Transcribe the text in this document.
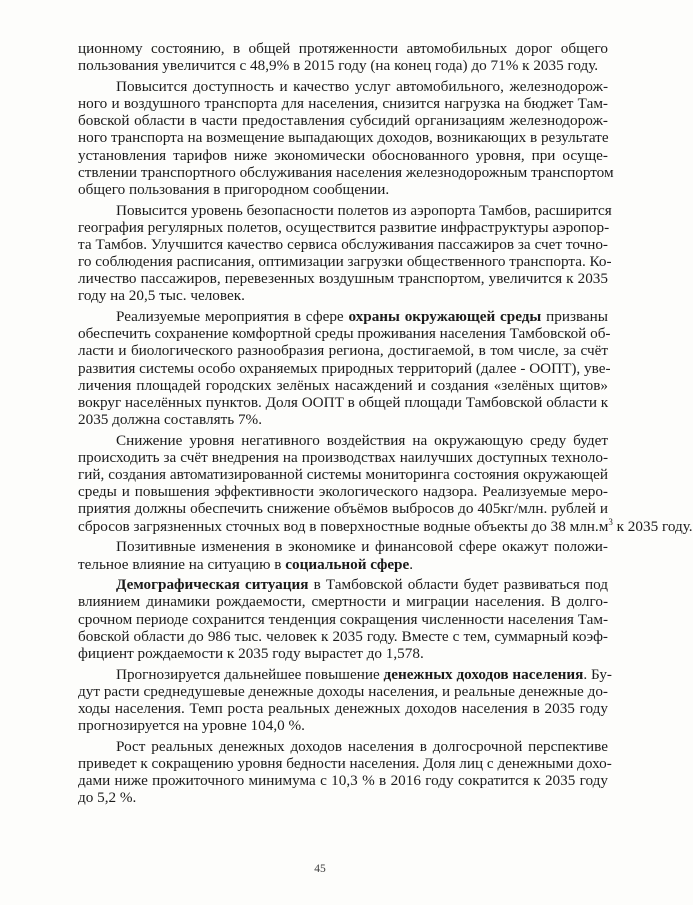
ционному состоянию, в общей протяженности автомобильных дорог общего
пользования увеличится с 48,9% в 2015 году (на конец года) до 71% к 2035 году.
Повысится доступность и качество услуг автомобильного, железнодорож-
ного и воздушного транспорта для населения, снизится нагрузка на бюджет Там-
бовской области в части предоставления субсидий организациям железнодорож-
ного транспорта на возмещение выпадающих доходов, возникающих в результате
установления тарифов ниже экономически обоснованного уровня, при осуще-
ствлении транспортного обслуживания населения железнодорожным транспортом
общего пользования в пригородном сообщении.
Повысится уровень безопасности полетов из аэропорта Тамбов, расширится
география регулярных полетов, осуществится развитие инфраструктуры аэропор-
та Тамбов. Улучшится качество сервиса обслуживания пассажиров за счет точно-
го соблюдения расписания, оптимизации загрузки общественного транспорта. Ко-
личество пассажиров, перевезенных воздушным транспортом, увеличится к 2035
году на 20,5 тыс. человек.
Реализуемые мероприятия в сфере охраны окружающей среды призваны
обеспечить сохранение комфортной среды проживания населения Тамбовской об-
ласти и биологического разнообразия региона, достигаемой, в том числе, за счёт
развития системы особо охраняемых природных территорий (далее - ООПТ), уве-
личения площадей городских зелёных насаждений и создания «зелёных щитов»
вокруг населённых пунктов. Доля ООПТ в общей площади Тамбовской области к
2035 должна составлять 7%.
Снижение уровня негативного воздействия на окружающую среду будет
происходить за счёт внедрения на производствах наилучших доступных техноло-
гий, создания автоматизированной системы мониторинга состояния окружающей
среды и повышения эффективности экологического надзора. Реализуемые меро-
приятия должны обеспечить снижение объёмов выбросов до 405кг/млн. рублей и
сбросов загрязненных сточных вод в поверхностные водные объекты до 38 $млн.м^3$ к 2035 году.
Позитивные изменения в экономике и финансовой сфере окажут положи-
тельное влияние на ситуацию в социальной сфере.
Демографическая ситуация в Тамбовской области будет развиваться под
влиянием динамики рождаемости, смертности и миграции населения. В долго-
срочном периоде сохранится тенденция сокращения численности населения Там-
бовской области до 986 тыс. человек к 2035 году. Вместе с тем, суммарный коэф-
фициент рождаемости к 2035 году вырастет до 1,578.
Прогнозируется дальнейшее повышение денежных доходов населения. Бу-
дут расти среднедушевые денежные доходы населения, и реальные денежные до-
ходы населения. Темп роста реальных денежных доходов населения в 2035 году
прогнозируется на уровне 104,0 %.
Рост реальных денежных доходов населения в долгосрочной перспективе
приведет к сокращению уровня бедности населения. Доля лиц с денежными дохо-
дами ниже прожиточного минимума с 10,3 % в 2016 году сократится к 2035 году
до 5,2 %.
45
